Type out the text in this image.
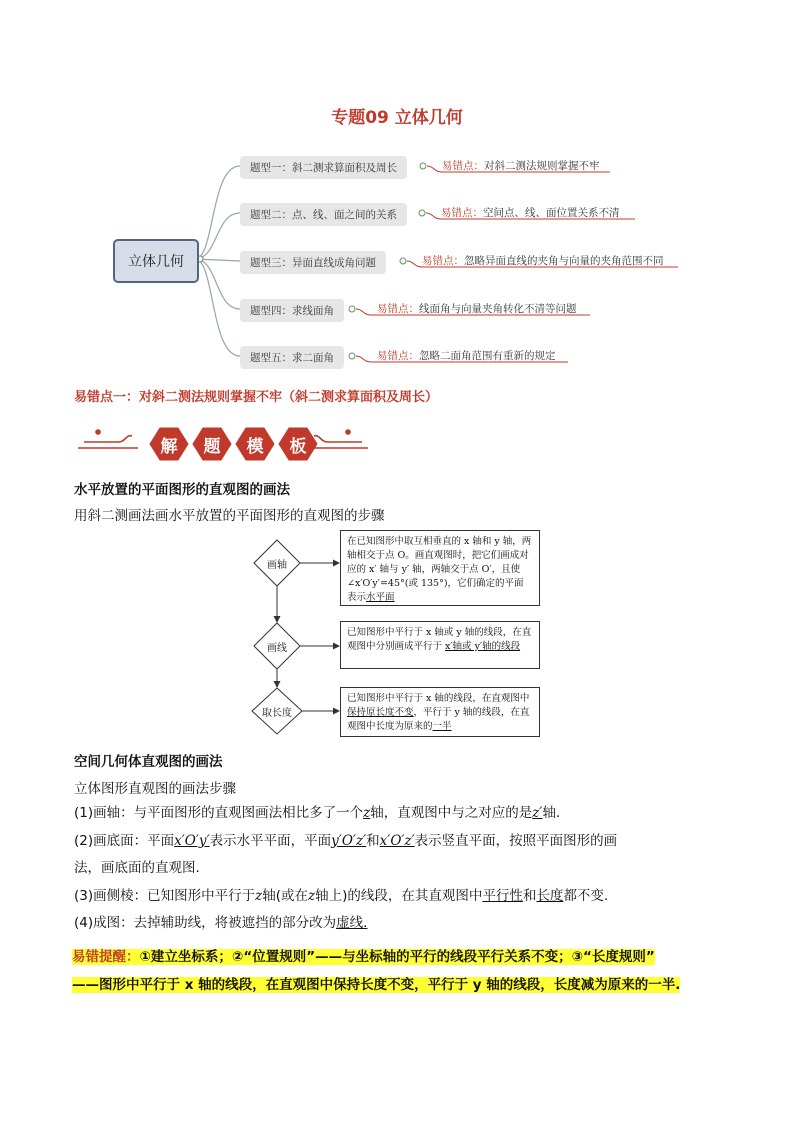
专题09 立体几何
立体几何
题型一：斜二测求算面积及周长
题型二：点、线、面之间的关系
题型三：异面直线成角问题
题型四：求线面角
题型五：求二面角
易错点：对斜二测法规则掌握不牢
易错点：空间点、线、面位置关系不清
易错点：忽略异面直线的夹角与向量的夹角范围不同
易错点：线面角与向量夹角转化不清等问题
易错点：忽略二面角范围有重新的规定
易错点一：对斜二测法规则掌握不牢（斜二测求算面积及周长）
解	题	模	板
水平放置的平面图形的直观图的画法
用斜二测画法画水平放置的平面图形的直观图的步骤
画轴
画线
取长度
在已知图形中取互相垂直的 x 轴和 y 轴，两轴相交于点 O。画直观图时，把它们画成对应的 x′ 轴与 y′ 轴，两轴交于点 O′，且使 ∠x′O′y′=45°(或 135°)，它们确定的平面表示水平面
已知图形中平行于 x 轴或 y 轴的线段，在直观图中分别画成平行于 x′轴或 y′轴的线段
已知图形中平行于 x 轴的线段，在直观图中保持原长度不变，平行于 y 轴的线段，在直观图中长度为原来的一半
空间几何体直观图的画法
立体图形直观图的画法步骤
(1)画轴：与平面图形的直观图画法相比多了一个z轴，直观图中与之对应的是z′轴.
(2)画底面：平面x′O′y′表示水平平面，平面y′O′z′和x′O′z′表示竖直平面，按照平面图形的画
法，画底面的直观图.
(3)画侧棱：已知图形中平行于z轴(或在z轴上)的线段，在其直观图中平行性和长度都不变.
(4)成图：去掉辅助线，将被遮挡的部分改为虚线.
易错提醒：①建立坐标系；②“位置规则”——与坐标轴的平行的线段平行关系不变；③“长度规则”
——图形中平行于 x 轴的线段，在直观图中保持长度不变，平行于 y 轴的线段，长度减为原来的一半.
